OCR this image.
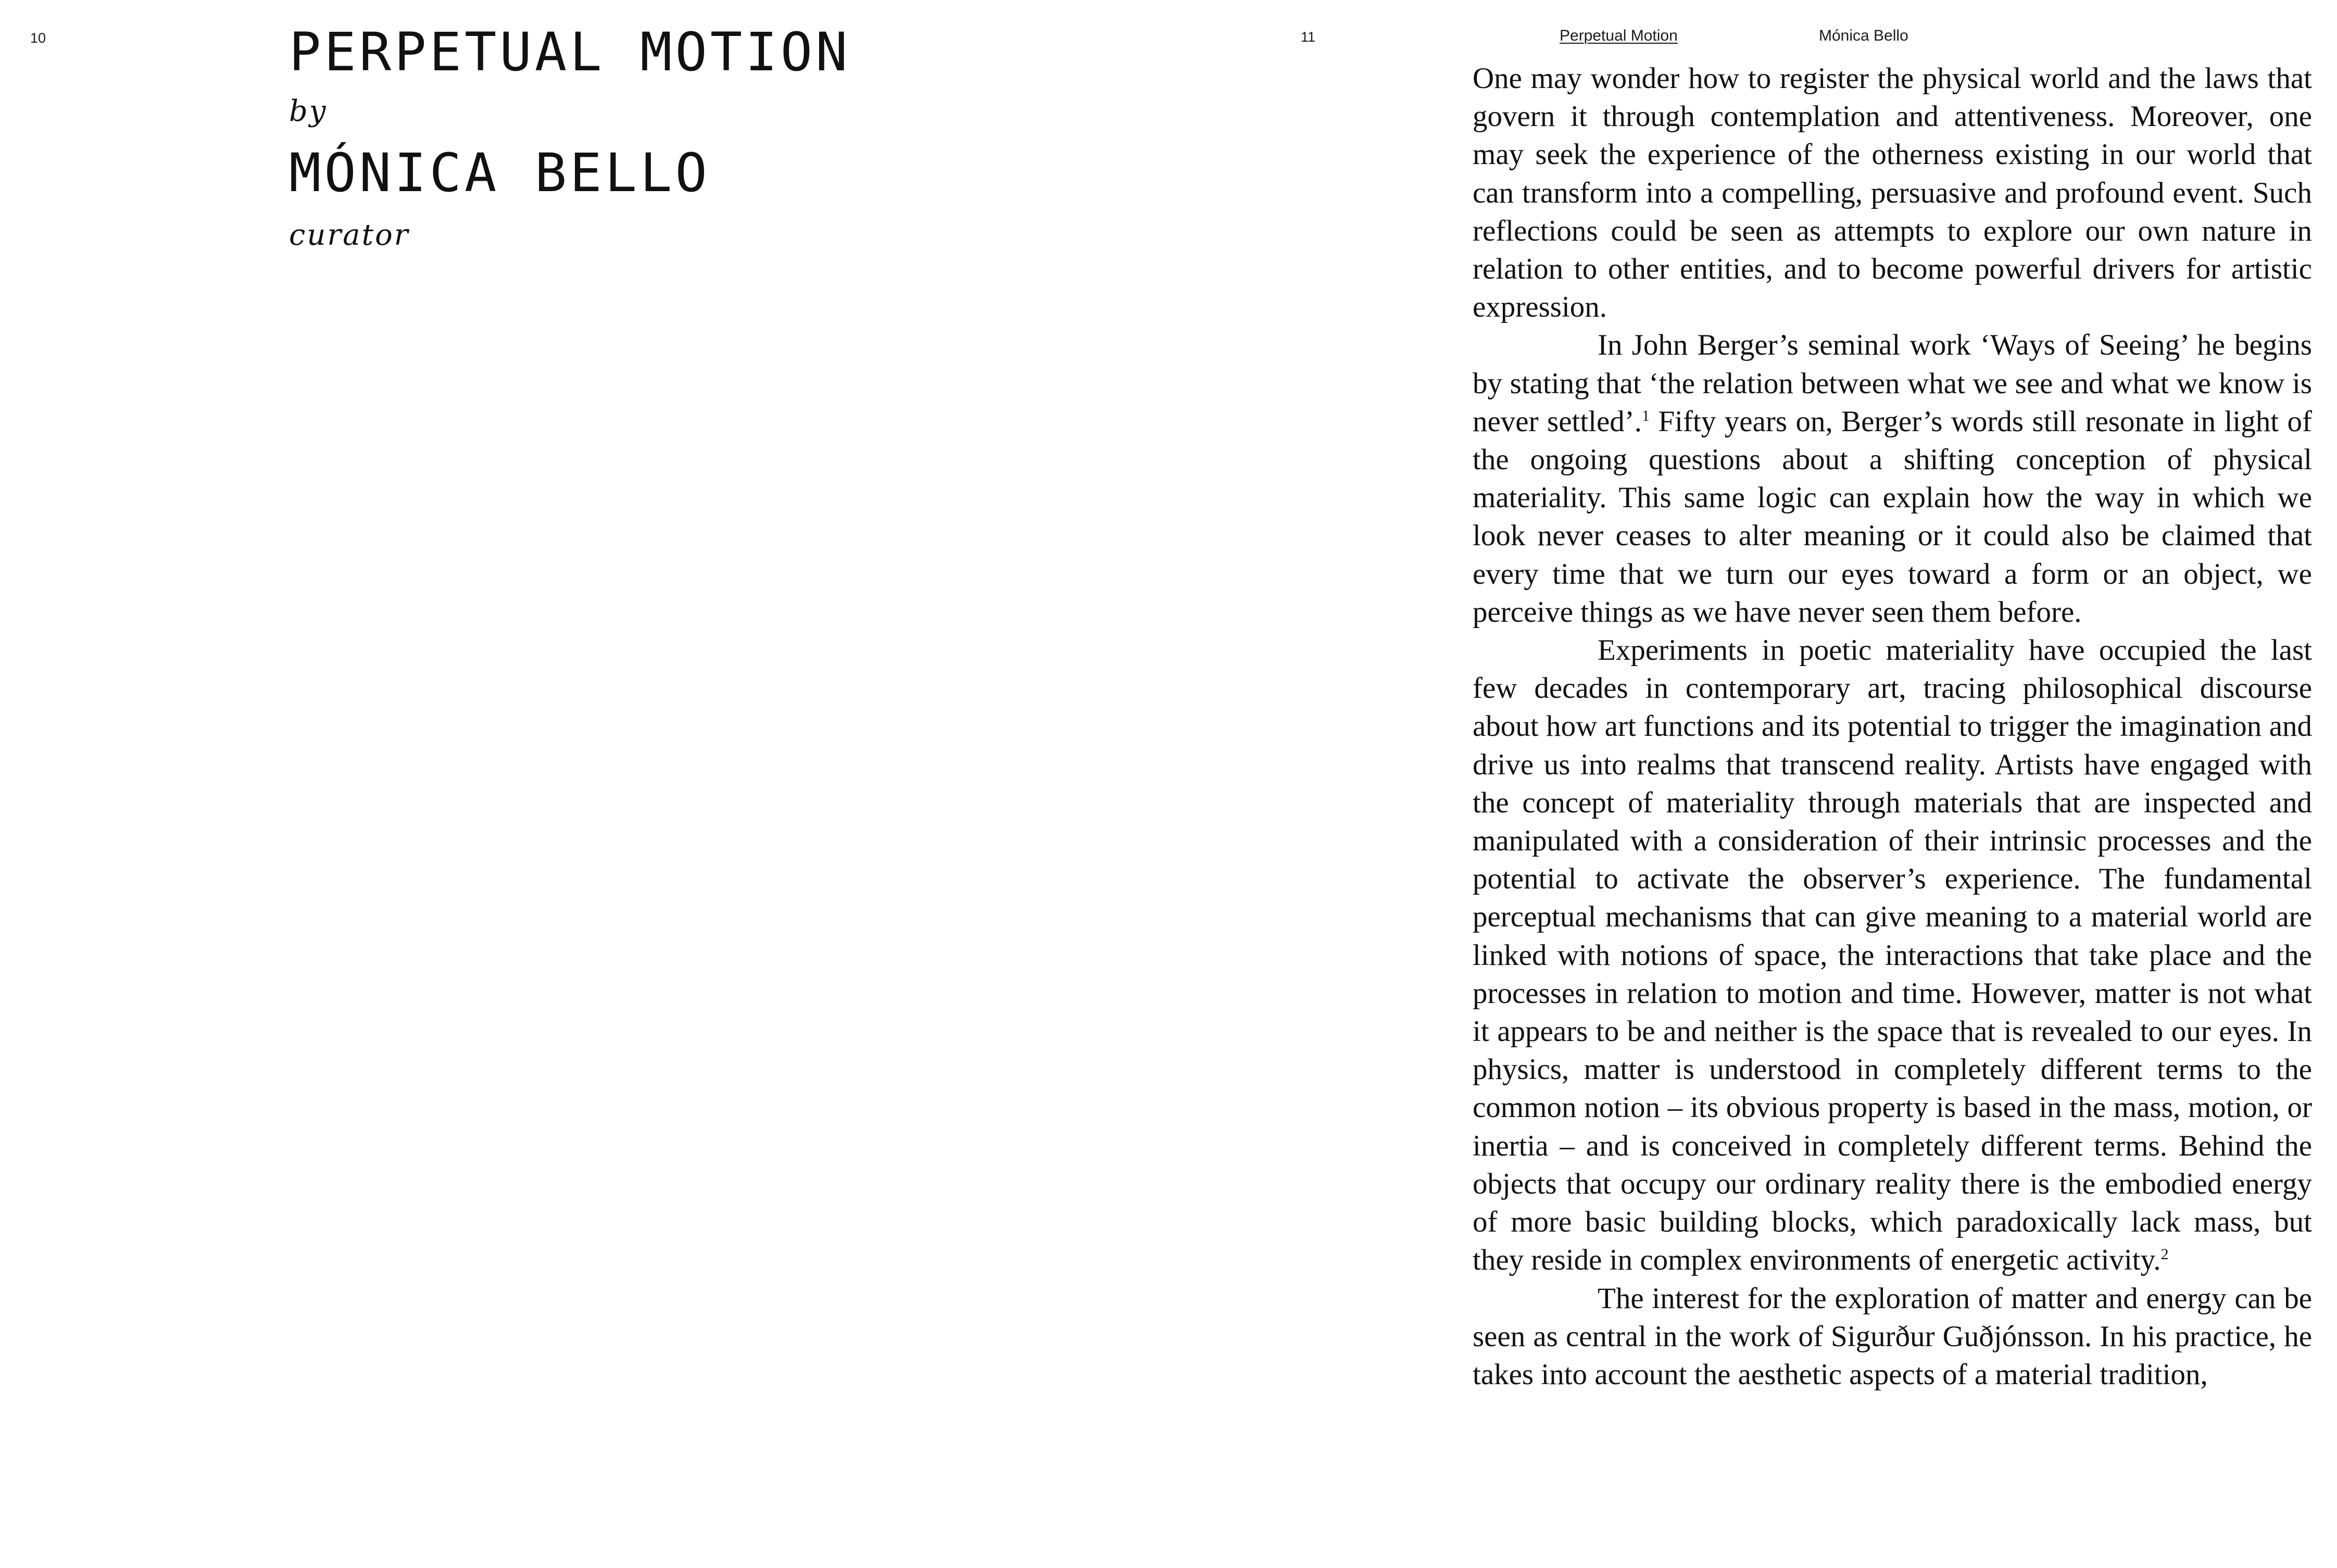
10	PERPETUAL MOTION

by

MÓNICA BELLO

curator

11	Perpetual Motion	Mónica Bello

One may wonder how to register the physical world and the laws that govern it through contemplation and attentiveness. Moreover, one may seek the experience of the otherness existing in our world that can transform into a compelling, persuasive and profound event. Such reflections could be seen as attempts to explore our own nature in relation to other entities, and to become powerful drivers for artistic expression.

In John Berger’s seminal work ‘Ways of Seeing’ he begins by stating that ‘the relation between what we see and what we know is never settled’.$^1$ Fifty years on, Berger’s words still resonate in light of the ongoing questions about a shifting conception of physical materiality. This same logic can explain how the way in which we look never ceases to alter meaning or it could also be claimed that every time that we turn our eyes toward a form or an object, we perceive things as we have never seen them before.

Experiments in poetic materiality have occupied the last few decades in contemporary art, tracing philosophical discourse about how art functions and its potential to trigger the imagination and drive us into realms that transcend reality. Artists have engaged with the concept of materiality through materials that are inspected and manipulated with a consideration of their intrinsic processes and the potential to activate the observer’s experience. The fundamental perceptual mechanisms that can give meaning to a material world are linked with notions of space, the interactions that take place and the processes in relation to motion and time. However, matter is not what it appears to be and neither is the space that is revealed to our eyes. In physics, matter is understood in completely different terms to the common notion – its obvious property is based in the mass, motion, or inertia – and is conceived in completely different terms. Behind the objects that occupy our ordinary reality there is the embodied energy of more basic building blocks, which paradoxically lack mass, but they reside in complex environments of energetic activity.$^2$

The interest for the exploration of matter and energy can be seen as central in the work of Sigurður Guðjónsson. In his practice, he takes into account the aesthetic aspects of a material tradition,
